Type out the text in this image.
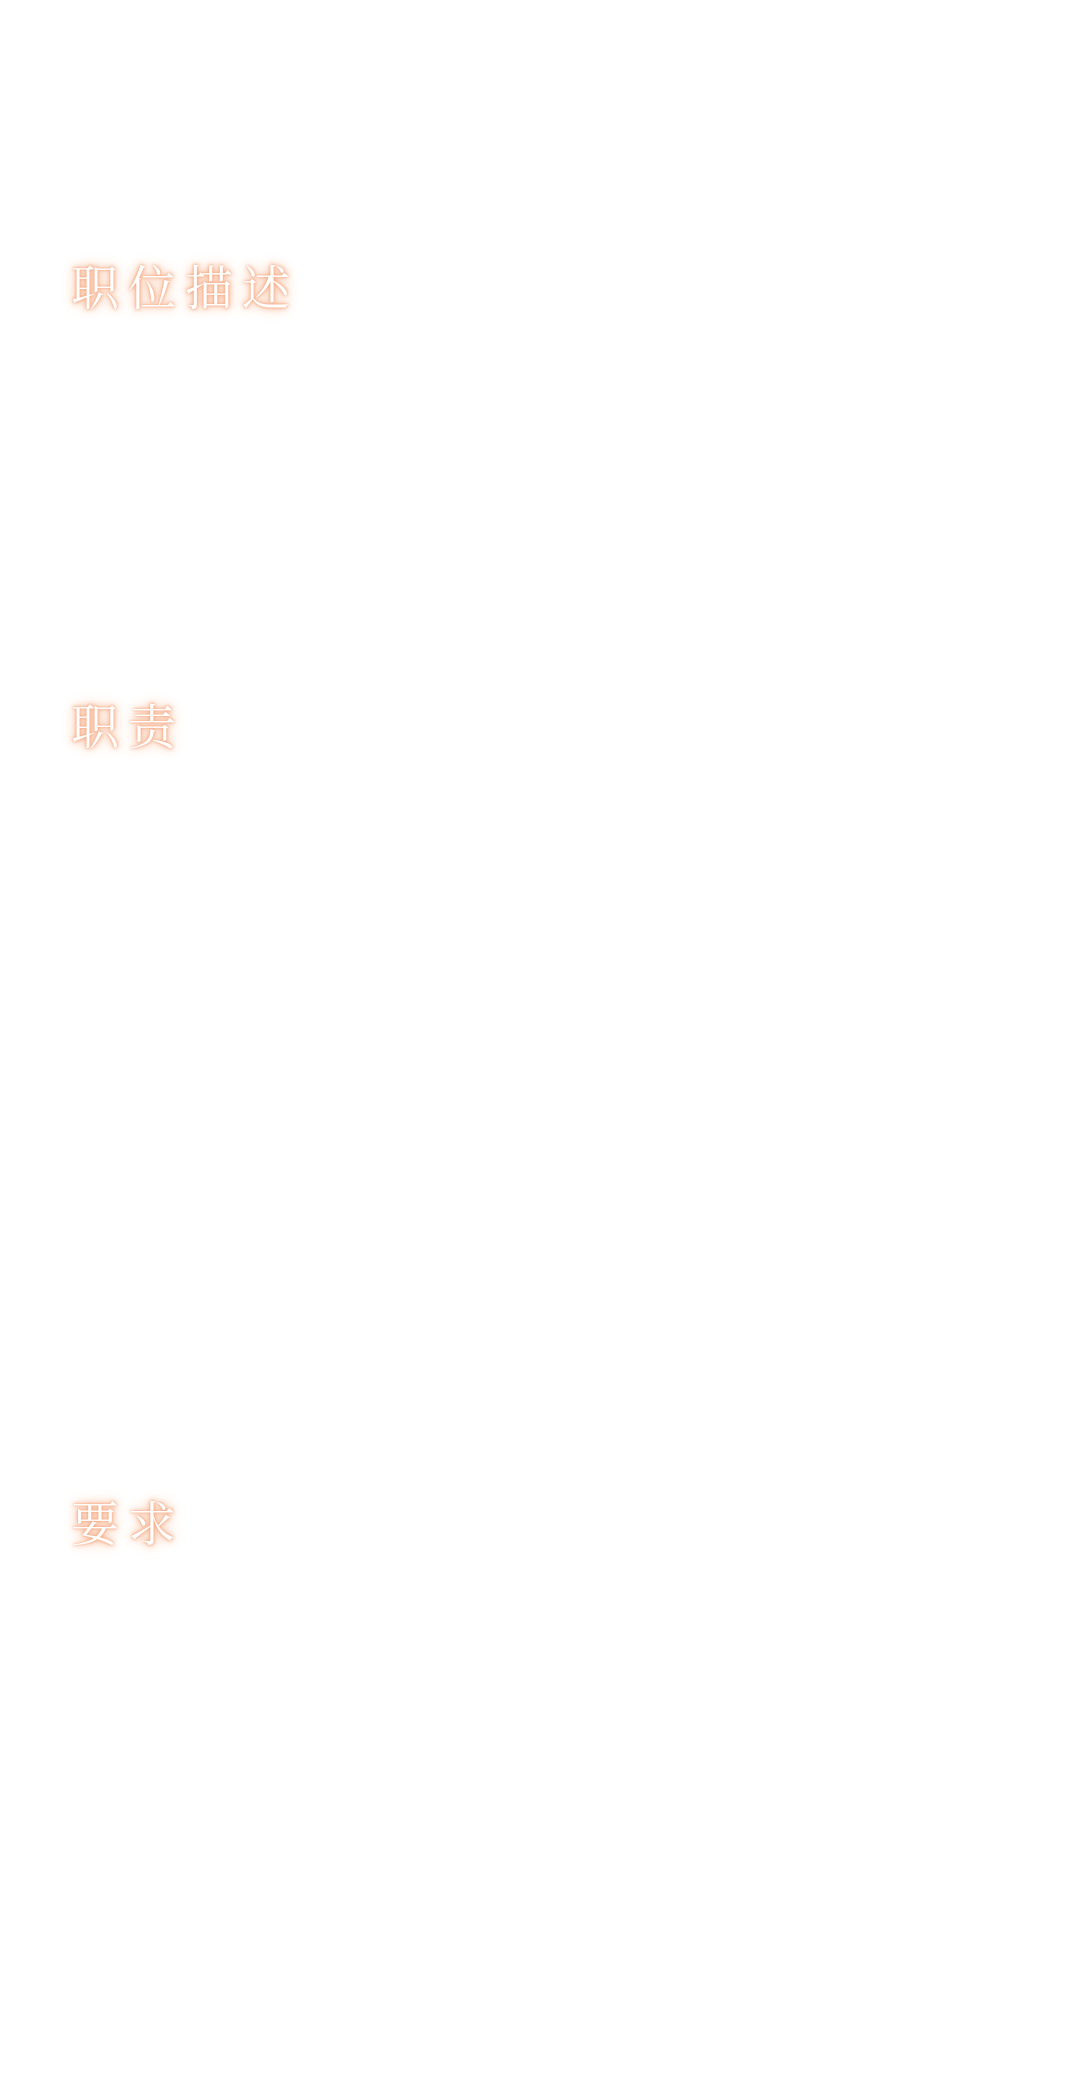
职位描述
职责
要求
